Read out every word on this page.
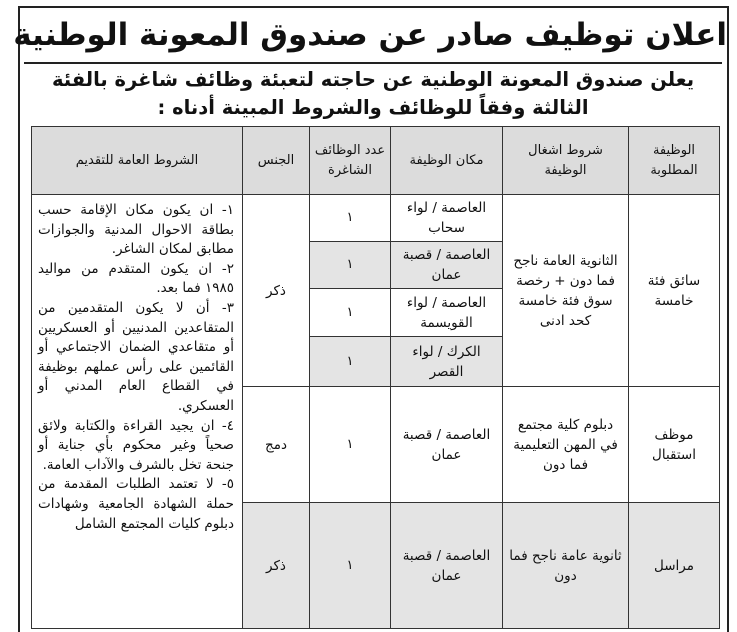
اعلان توظيف صادر عن صندوق المعونة الوطنية
يعلن صندوق المعونة الوطنية عن حاجته لتعبئة وظائف شاغرة بالفئة الثالثة وفقاً للوظائف والشروط المبينة أدناه :
الوظيفة المطلوبة	شروط اشغال الوظيفة	مكان الوظيفة	عدد الوظائف الشاغرة	الجنس	الشروط العامة للتقديم
سائق فئة خامسة	الثانوية العامة ناجح فما دون + رخصة سوق فئة خامسة كحد ادنى	العاصمة / لواء سحاب	١	ذكر	١- ان يكون مكان الإقامة حسب بطاقة الاحوال المدنية والجوازات مطابق لمكان الشاغر.
٢- ان يكون المتقدم من مواليد ١٩٨٥ فما بعد.
٣- أن لا يكون المتقدمين من المتقاعدين المدنيين أو العسكريين أو متقاعدي الضمان الاجتماعي أو القائمين على رأس عملهم بوظيفة في القطاع العام المدني أو العسكري.
٤- ان يجيد القراءة والكتابة ولائق صحياً وغير محكوم بأي جناية أو جنحة تخل بالشرف والآداب العامة.
٥- لا تعتمد الطلبات المقدمة من حملة الشهادة الجامعية وشهادات دبلوم كليات المجتمع الشامل

		العاصمة / قصبة عمان	١		
		العاصمة / لواء القويسمة	١		
		الكرك / لواء القصر	١		
موظف استقبال	دبلوم كلية مجتمع في المهن التعليمية فما دون	العاصمة / قصبة عمان	١	دمج	
مراسل	ثانوية عامة ناجح فما دون	العاصمة / قصبة عمان	١	ذكر	
